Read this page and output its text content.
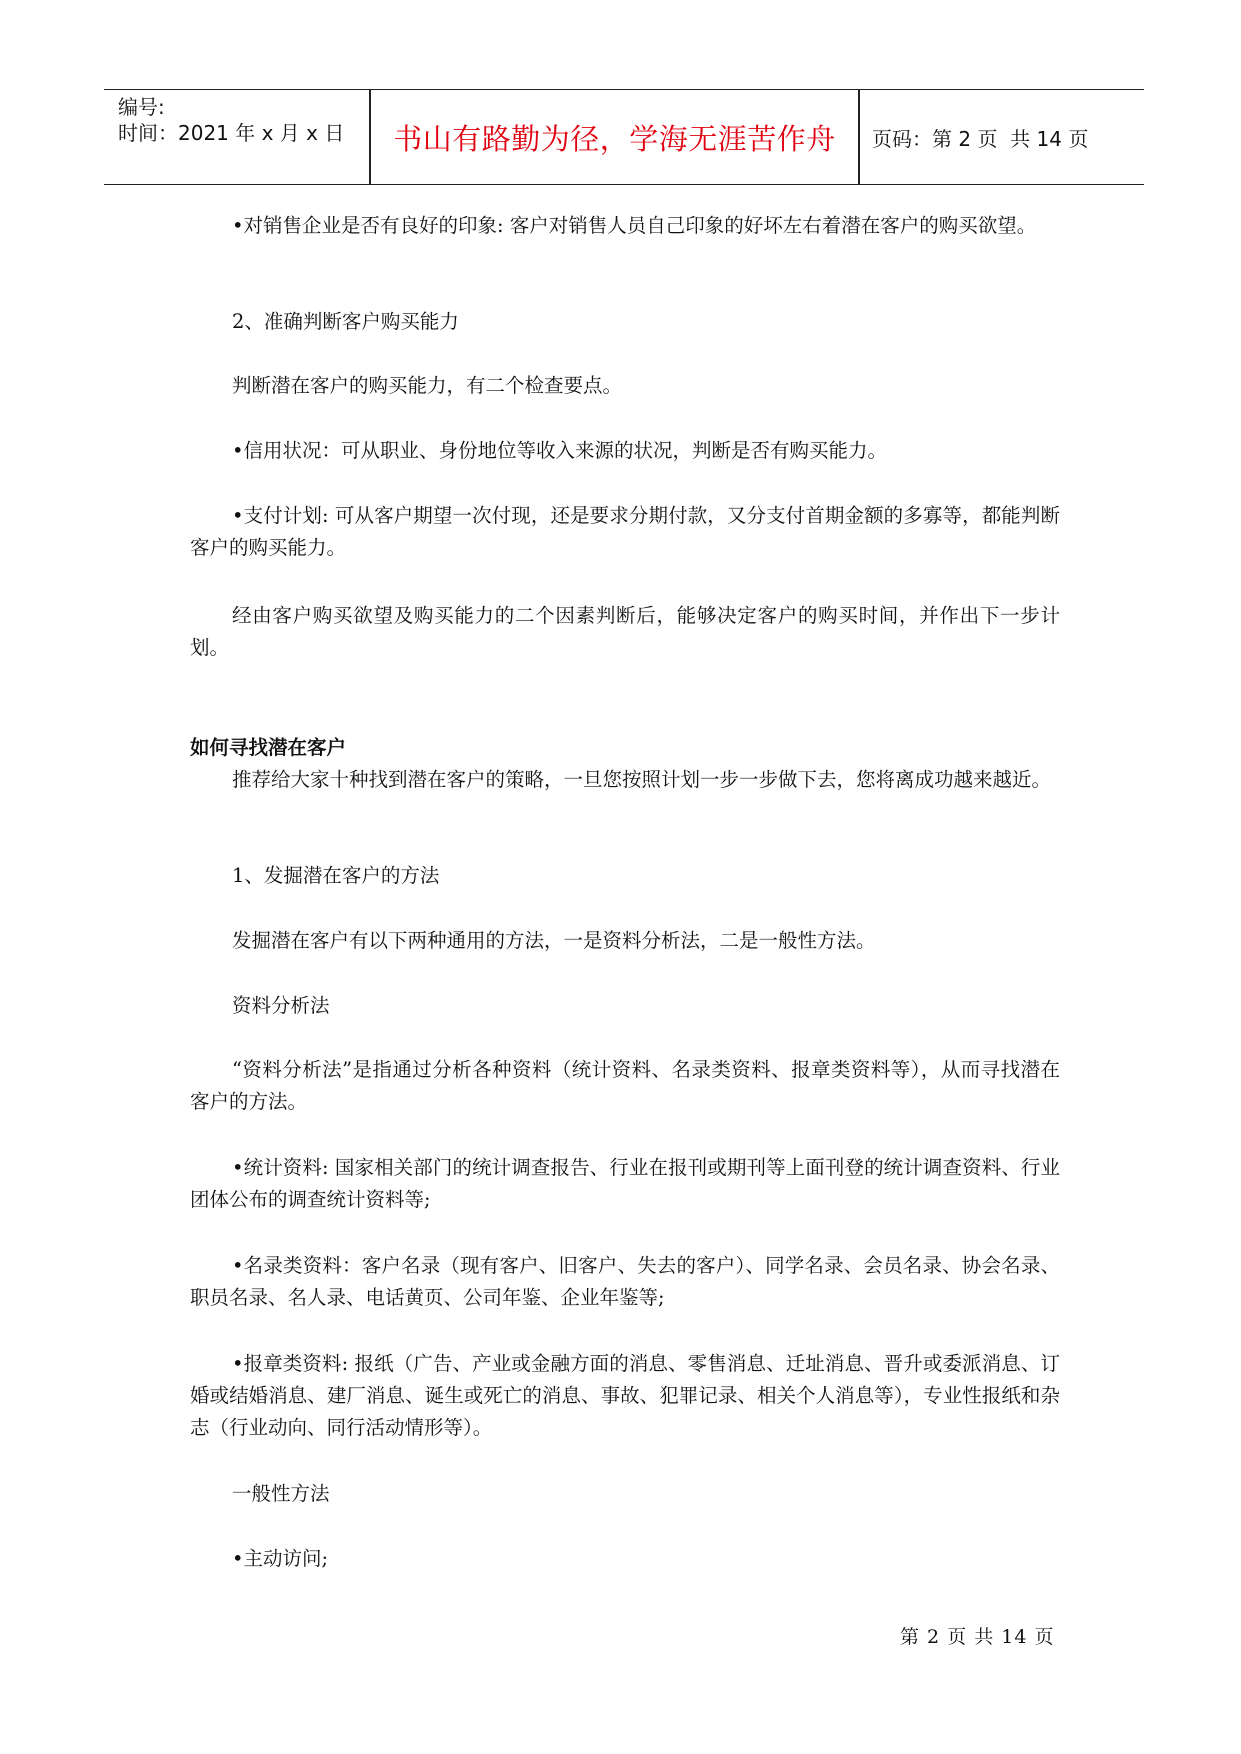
编号:
时间：2021 年 x 月 x 日	书山有路勤为径，学海无涯苦作舟	页码：第 2 页  共 14 页

•对销售企业是否有良好的印象: 客户对销售人员自己印象的好坏左右着潜在客户的购买欲望。

2、准确判断客户购买能力

判断潜在客户的购买能力，有二个检查要点。

•信用状况：可从职业、身份地位等收入来源的状况，判断是否有购买能力。

•支付计划: 可从客户期望一次付现，还是要求分期付款，又分支付首期金额的多寡等，都能判断客户的购买能力。

经由客户购买欲望及购买能力的二个因素判断后，能够决定客户的购买时间，并作出下一步计划。

如何寻找潜在客户

推荐给大家十种找到潜在客户的策略，一旦您按照计划一步一步做下去，您将离成功越来越近。

1、发掘潜在客户的方法

发掘潜在客户有以下两种通用的方法，一是资料分析法，二是一般性方法。

资料分析法

“资料分析法”是指通过分析各种资料（统计资料、名录类资料、报章类资料等），从而寻找潜在客户的方法。

•统计资料: 国家相关部门的统计调查报告、行业在报刊或期刊等上面刊登的统计调查资料、行业团体公布的调查统计资料等;

•名录类资料：客户名录（现有客户、旧客户、失去的客户）、同学名录、会员名录、协会名录、职员名录、名人录、电话黄页、公司年鉴、企业年鉴等;

•报章类资料: 报纸（广告、产业或金融方面的消息、零售消息、迁址消息、晋升或委派消息、订婚或结婚消息、建厂消息、诞生或死亡的消息、事故、犯罪记录、相关个人消息等），专业性报纸和杂志（行业动向、同行活动情形等）。

一般性方法

•主动访问;

第 2 页 共 14 页
